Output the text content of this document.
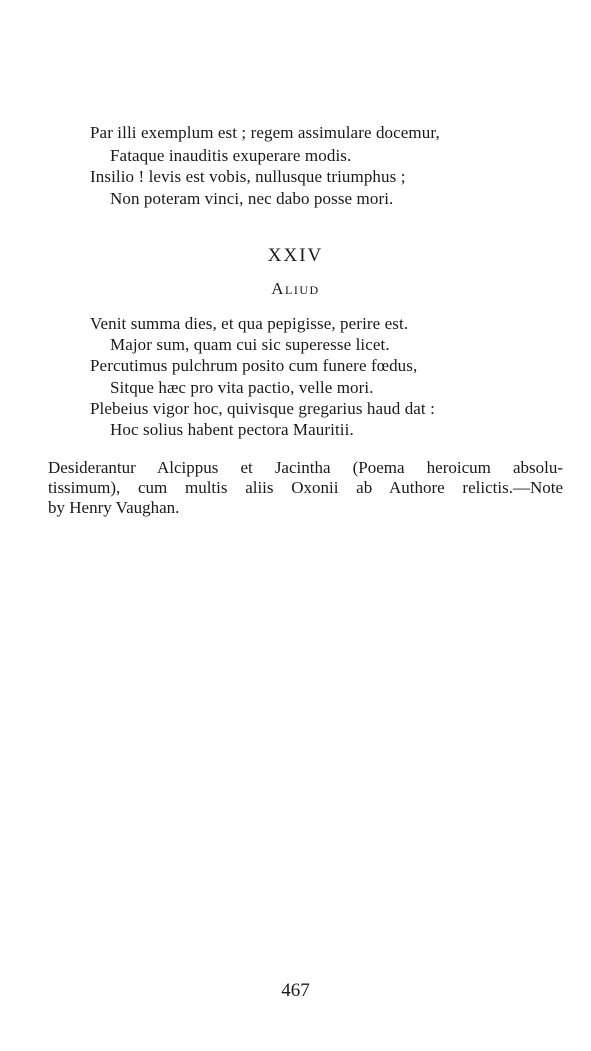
Par illi exemplum est ; regem assimulare docemur,
Fataque inauditis exuperare modis.
Insilio ! levis est vobis, nullusque triumphus ;
Non poteram vinci, nec dabo posse mori.
XXIV
Aliud
Venit summa dies, et qua pepigisse, perire est.
Major sum, quam cui sic superesse licet.
Percutimus pulchrum posito cum funere fœdus,
Sitque hæc pro vita pactio, velle mori.
Plebeius vigor hoc, quivisque gregarius haud dat :
Hoc solius habent pectora Mauritii.
Desiderantur Alcippus et Jacintha (Poema heroicum absolu-
tissimum), cum multis aliis Oxonii ab Authore relictis.—Note
by Henry Vaughan.
467
